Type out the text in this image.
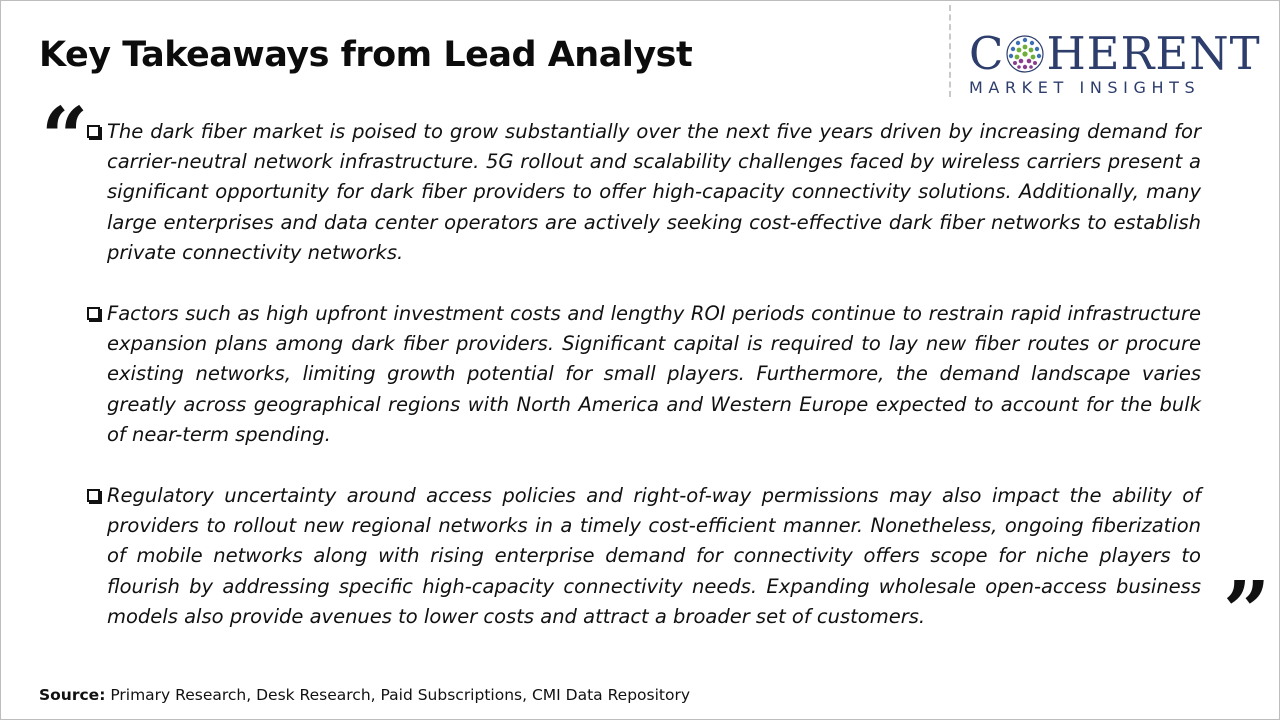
Key Takeaways from Lead Analyst	C HERENT
MARKET INSIGHTS
“ The dark fiber market is poised to grow substantially over the next five years driven by increasing demand for carrier-neutral network infrastructure. 5G rollout and scalability challenges faced by wireless carriers present a significant opportunity for dark fiber providers to offer high-capacity connectivity solutions. Additionally, many large enterprises and data center operators are actively seeking cost-effective dark fiber networks to establish private connectivity networks.

Factors such as high upfront investment costs and lengthy ROI periods continue to restrain rapid infrastructure expansion plans among dark fiber providers. Significant capital is required to lay new fiber routes or procure existing networks, limiting growth potential for small players. Furthermore, the demand landscape varies greatly across geographical regions with North America and Western Europe expected to account for the bulk of near-term spending.

Regulatory uncertainty around access policies and right-of-way permissions may also impact the ability of providers to rollout new regional networks in a timely cost-efficient manner. Nonetheless, ongoing fiberization of mobile networks along with rising enterprise demand for connectivity offers scope for niche players to flourish by addressing specific high-capacity connectivity needs. Expanding wholesale open-access business models also provide avenues to lower costs and attract a broader set of customers.	”
Source: Primary Research, Desk Research, Paid Subscriptions, CMI Data Repository
